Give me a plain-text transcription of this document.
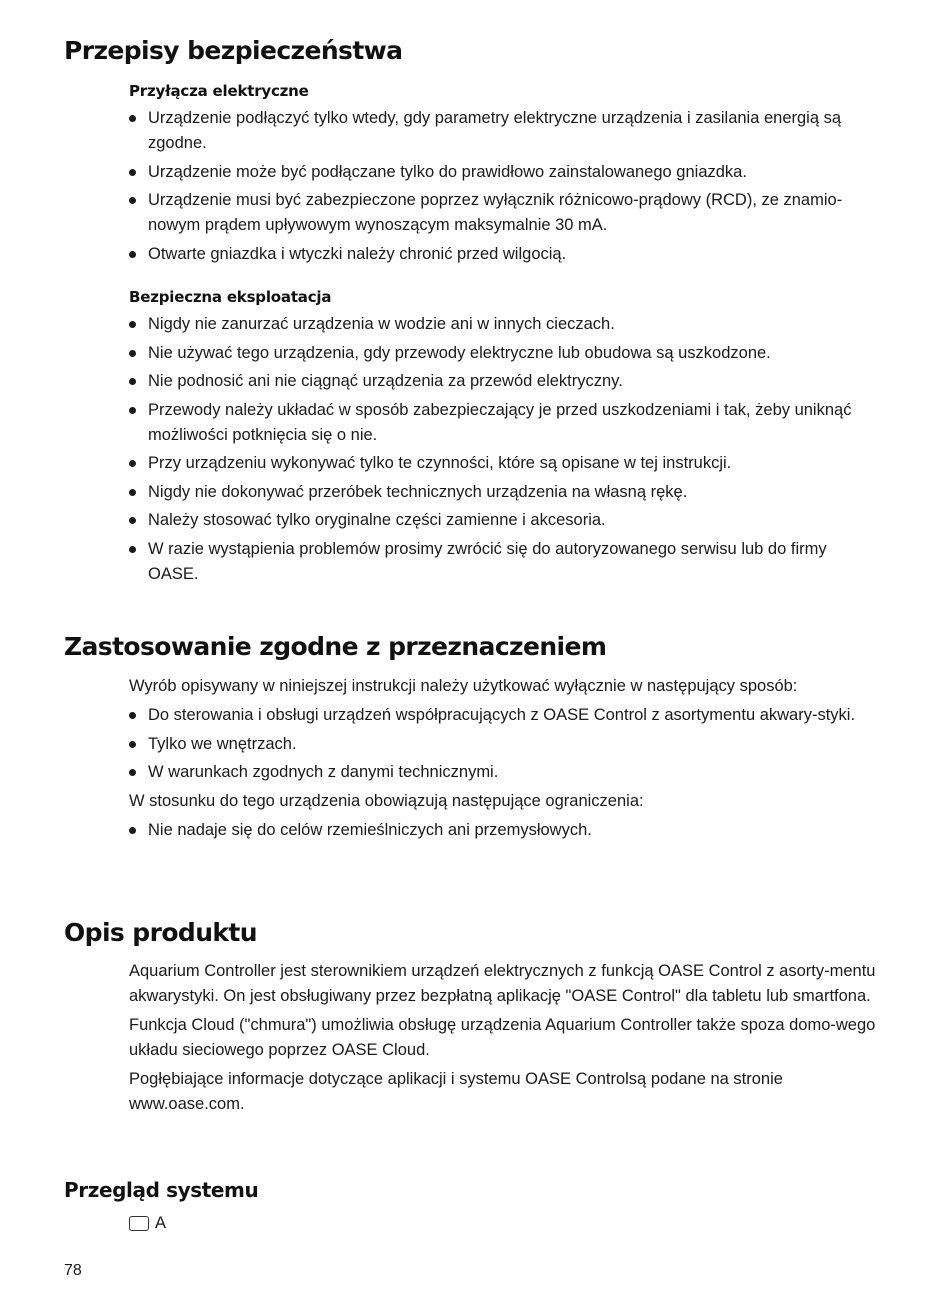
Przepisy bezpieczeństwa
Przyłącza elektryczne
Urządzenie podłączyć tylko wtedy, gdy parametry elektryczne urządzenia i zasilania energią są zgodne.
Urządzenie może być podłączane tylko do prawidłowo zainstalowanego gniazdka.
Urządzenie musi być zabezpieczone poprzez wyłącznik różnicowo-prądowy (RCD), ze znamio-nowym prądem upływowym wynoszącym maksymalnie 30 mA.
Otwarte gniazdka i wtyczki należy chronić przed wilgocią.
Bezpieczna eksploatacja
Nigdy nie zanurzać urządzenia w wodzie ani w innych cieczach.
Nie używać tego urządzenia, gdy przewody elektryczne lub obudowa są uszkodzone.
Nie podnosić ani nie ciągnąć urządzenia za przewód elektryczny.
Przewody należy układać w sposób zabezpieczający je przed uszkodzeniami i tak, żeby uniknąć możliwości potknięcia się o nie.
Przy urządzeniu wykonywać tylko te czynności, które są opisane w tej instrukcji.
Nigdy nie dokonywać przeróbek technicznych urządzenia na własną rękę.
Należy stosować tylko oryginalne części zamienne i akcesoria.
W razie wystąpienia problemów prosimy zwrócić się do autoryzowanego serwisu lub do firmy OASE.
Zastosowanie zgodne z przeznaczeniem

Wyrób opisywany w niniejszej instrukcji należy użytkować wyłącznie w następujący sposób:

Do sterowania i obsługi urządzeń współpracujących z OASE Control z asortymentu akwary-styki.
Tylko we wnętrzach.
W warunkach zgodnych z danymi technicznymi.

W stosunku do tego urządzenia obowiązują następujące ograniczenia:

Nie nadaje się do celów rzemieślniczych ani przemysłowych.
Opis produktu

Aquarium Controller jest sterownikiem urządzeń elektrycznych z funkcją OASE Control z asorty-mentu akwarystyki. On jest obsługiwany przez bezpłatną aplikację "OASE Control" dla tabletu lub smartfona.

Funkcja Cloud ("chmura") umożliwia obsługę urządzenia Aquarium Controller także spoza domo-wego układu sieciowego poprzez OASE Cloud.

Pogłębiające informacje dotyczące aplikacji i systemu OASE Controlsą podane na stronie www.oase.com.

Przegląd systemu
A
78
